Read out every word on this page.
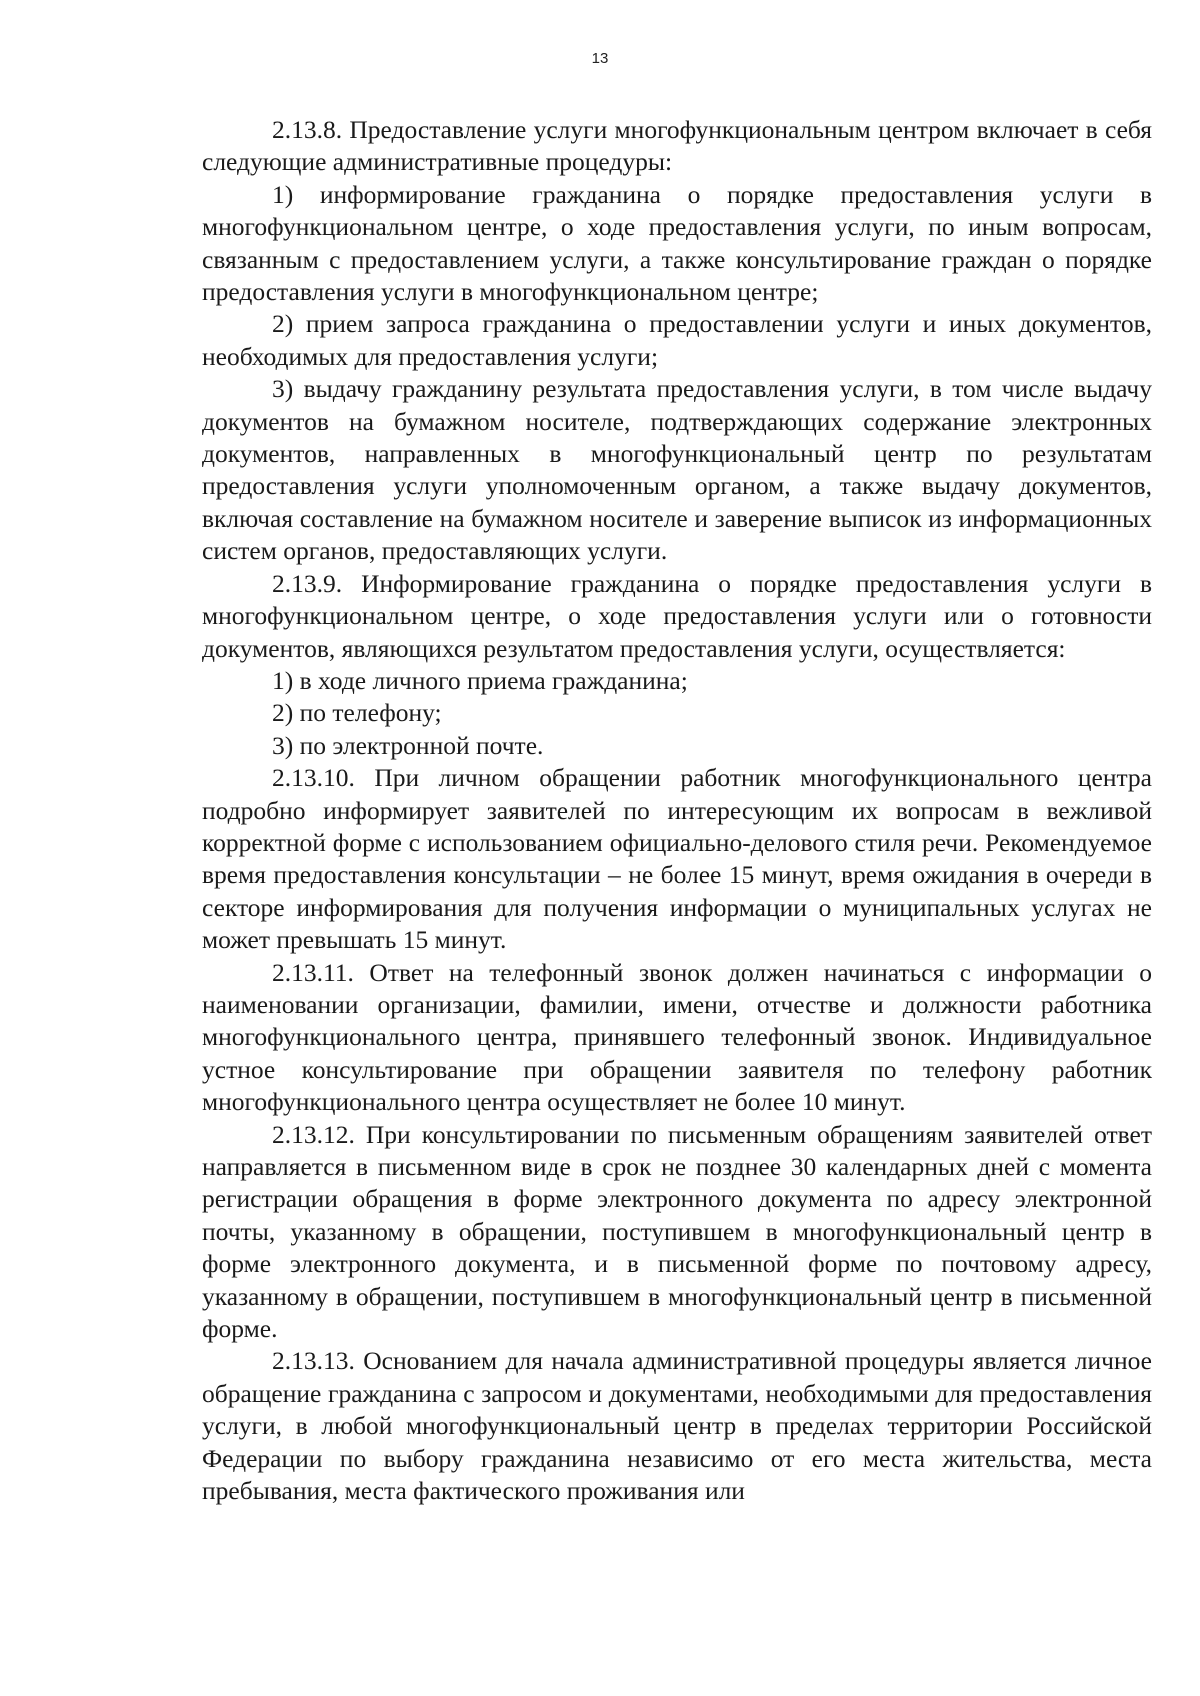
13

2.13.8. Предоставление услуги многофункциональным центром включает в себя следующие административные процедуры:

1) информирование гражданина о порядке предоставления услуги в многофункциональном центре, о ходе предоставления услуги, по иным вопросам, связанным с предоставлением услуги, а также консультирование граждан о порядке предоставления услуги в многофункциональном центре;

2) прием запроса гражданина о предоставлении услуги и иных документов, необходимых для предоставления услуги;

3) выдачу гражданину результата предоставления услуги, в том числе выдачу документов на бумажном носителе, подтверждающих содержание электронных документов, направленных в многофункциональный центр по результатам предоставления услуги уполномоченным органом, а также выдачу документов, включая составление на бумажном носителе и заверение выписок из информационных систем органов, предоставляющих услуги.

2.13.9. Информирование гражданина о порядке предоставления услуги в многофункциональном центре, о ходе предоставления услуги или о готовности документов, являющихся результатом предоставления услуги, осуществляется:

1) в ходе личного приема гражданина;

2) по телефону;

3) по электронной почте.

2.13.10. При личном обращении работник многофункционального центра подробно информирует заявителей по интересующим их вопросам в вежливой корректной форме с использованием официально-делового стиля речи. Рекомендуемое время предоставления консультации – не более 15 минут, время ожидания в очереди в секторе информирования для получения информации о муниципальных услугах не может превышать 15 минут.

2.13.11. Ответ на телефонный звонок должен начинаться с информации о наименовании организации, фамилии, имени, отчестве и должности работника многофункционального центра, принявшего телефонный звонок. Индивидуальное устное консультирование при обращении заявителя по телефону работник многофункционального центра осуществляет не более 10 минут.

2.13.12. При консультировании по письменным обращениям заявителей ответ направляется в письменном виде в срок не позднее 30 календарных дней с момента регистрации обращения в форме электронного документа по адресу электронной почты, указанному в обращении, поступившем в многофункциональный центр в форме электронного документа, и в письменной форме по почтовому адресу, указанному в обращении, поступившем в многофункциональный центр в письменной форме.

2.13.13. Основанием для начала административной процедуры является личное обращение гражданина с запросом и документами, необходимыми для предоставления услуги, в любой многофункциональный центр в пределах территории Российской Федерации по выбору гражданина независимо от его места жительства, места пребывания, места фактического проживания или
